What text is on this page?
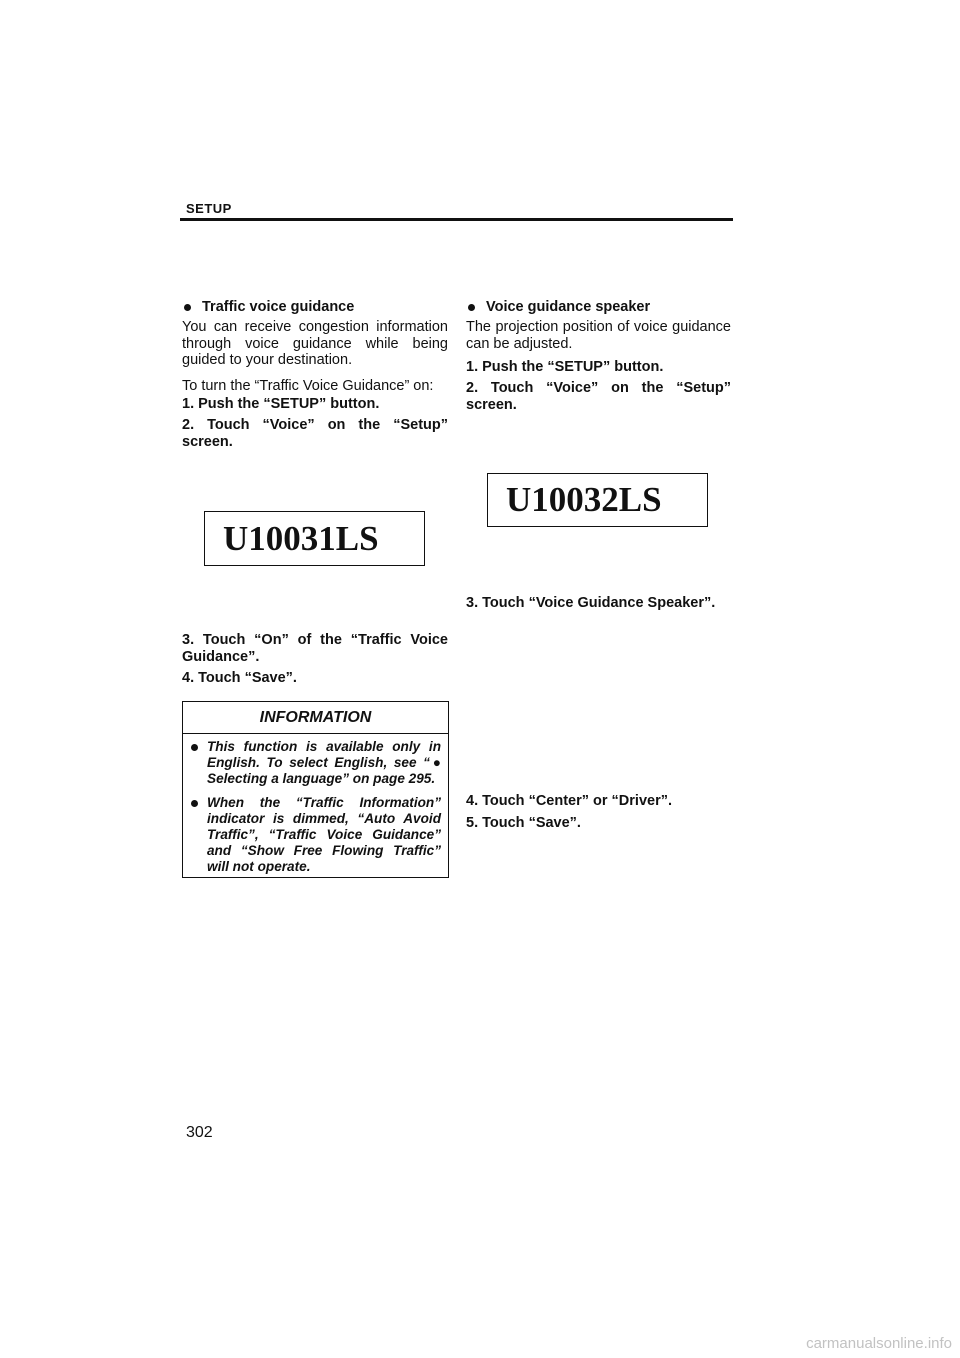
SETUP
Traffic voice guidance
You can receive congestion information through voice guidance while being guided to your destination.
To turn the “Traffic Voice Guidance” on:
1. Push the “SETUP” button.
2. Touch “Voice” on the “Setup” screen.
U10031LS
3. Touch “On” of the “Traffic Voice Guidance”.
4. Touch “Save”.
INFORMATION
This function is available only in English. To select English, see “● Selecting a language” on page 295.
When the “Traffic Information” indicator is dimmed, “Auto Avoid Traffic”, “Traffic Voice Guidance” and “Show Free Flowing Traffic” will not operate.
Voice guidance speaker
The projection position of voice guidance can be adjusted.
1. Push the “SETUP” button.
2. Touch “Voice” on the “Setup” screen.
U10032LS
3. Touch “Voice Guidance Speaker”.
4. Touch “Center” or “Driver”.
5. Touch “Save”.
302
carmanualsonline.info
